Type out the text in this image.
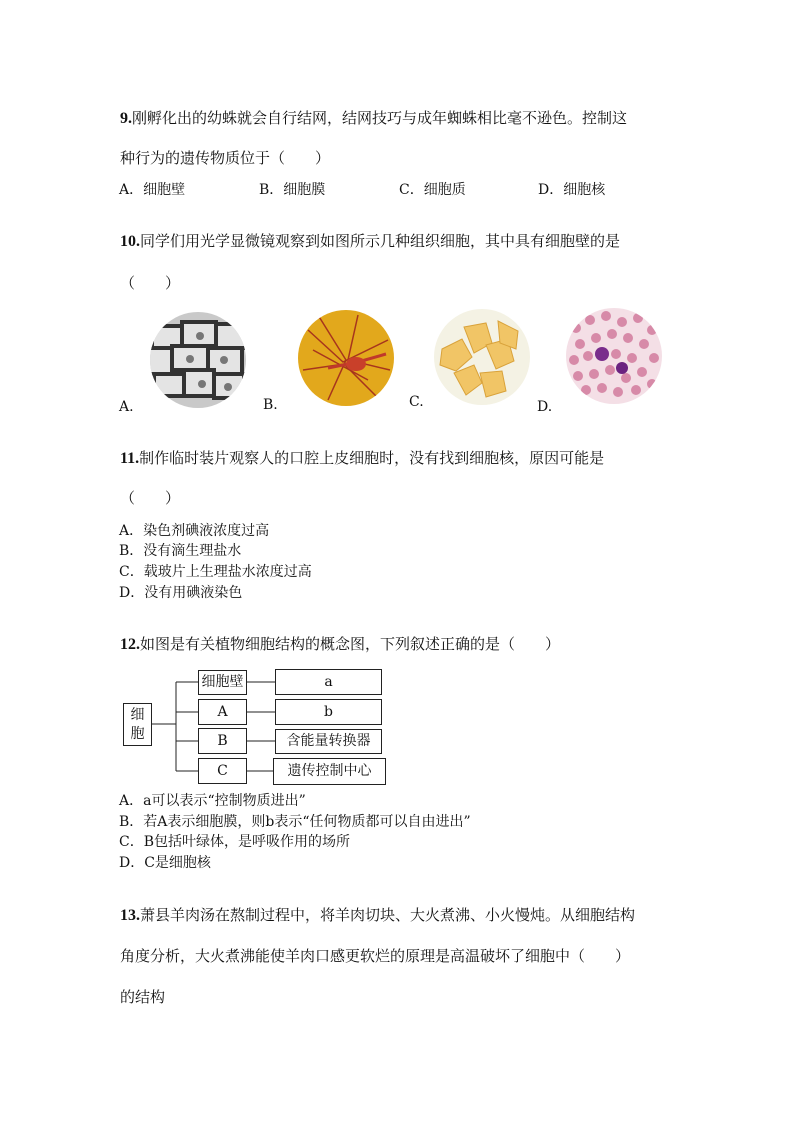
9.刚孵化出的幼蛛就会自行结网，结网技巧与成年蜘蛛相比毫不逊色。控制这
种行为的遗传物质位于（　　）
A．细胞壁	B．细胞膜	C．细胞质	D．细胞核
10.同学们用光学显微镜观察到如图所示几种组织细胞，其中具有细胞壁的是
（　　）
A.	B.	C.	D.
11.制作临时装片观察人的口腔上皮细胞时，没有找到细胞核，原因可能是
（　　）
A．染色剂碘液浓度过高
B．没有滴生理盐水
C．载玻片上生理盐水浓度过高
D．没有用碘液染色
12.如图是有关植物细胞结构的概念图，下列叙述正确的是（　　）
细
胞
细胞壁
A
B
C
a
b
含能量转换器
遗传控制中心
A．a可以表示“控制物质进出”
B．若A表示细胞膜，则b表示“任何物质都可以自由进出”
C．B包括叶绿体，是呼吸作用的场所
D．C是细胞核
13.萧县羊肉汤在熬制过程中，将羊肉切块、大火煮沸、小火慢炖。从细胞结构
角度分析，大火煮沸能使羊肉口感更软烂的原理是高温破坏了细胞中（　　）
的结构
